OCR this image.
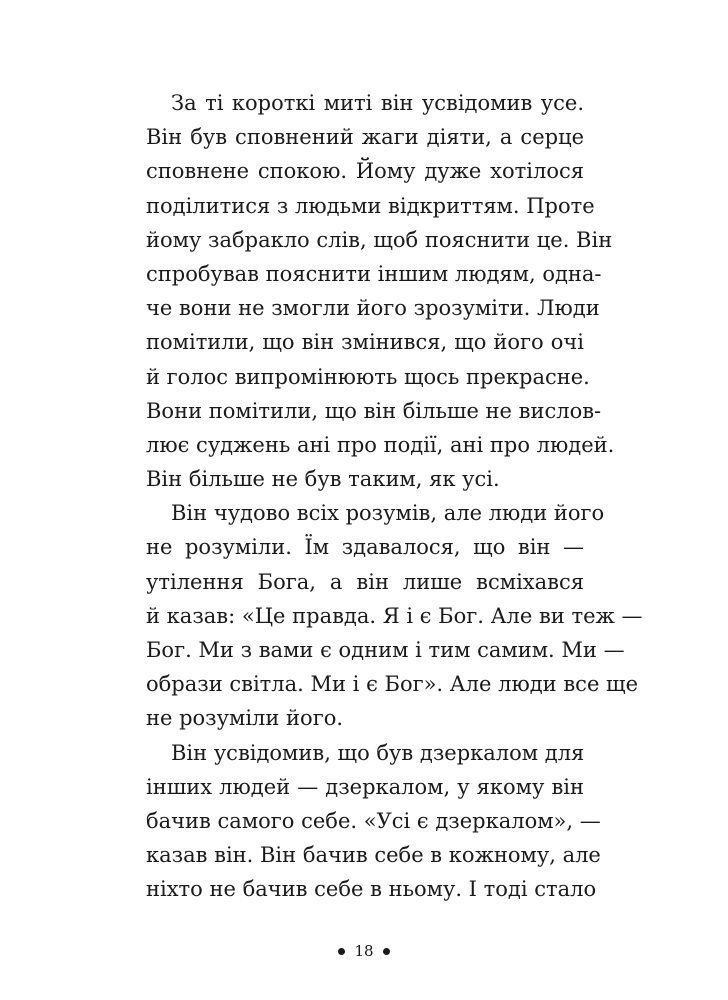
За ті короткі миті він усвідомив усе.
Він був сповнений жаги діяти, а серце
сповнене спокою. Йому дуже хотілося
поділитися з людьми відкриттям. Проте
йому забракло слів, щоб пояснити це. Він
спробував пояснити іншим людям, одна-
че вони не змогли його зрозуміти. Люди
помітили, що він змінився, що його очі
й голос випромінюють щось прекрасне.
Вони помітили, що він більше не вислов-
лює суджень ані про події, ані про людей.
Він більше не був таким, як усі.
Він чудово всіх розумів, але люди його
не розуміли. Їм здавалося, що він —
утілення Бога, а він лише всміхався
й казав: «Це правда. Я і є Бог. Але ви теж —
Бог. Ми з вами є одним і тим самим. Ми —
образи світла. Ми і є Бог». Але люди все ще
не розуміли його.
Він усвідомив, що був дзеркалом для
інших людей — дзеркалом, у якому він
бачив самого себе. «Усі є дзеркалом», —
казав він. Він бачив себе в кожному, але
ніхто не бачив себе в ньому. І тоді стало
18
